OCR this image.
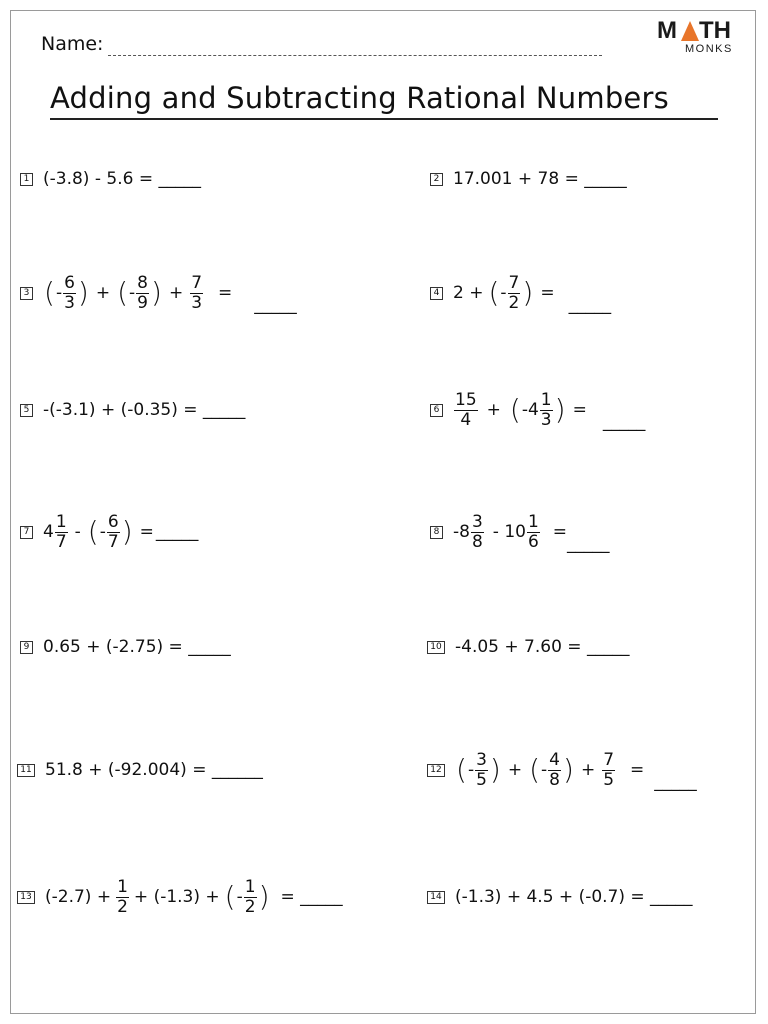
Name:	M TH
MONKS
Adding and Subtracting Rational Numbers
1 (-3.8) - 5.6 = _____	2 17.001 + 78 = _____
3 ( - $\frac{6}{3}$ ) + ( - $\frac{8}{9}$ ) + $\frac{7}{3}$ =
_____
4 2 + ( - $\frac{7}{2}$ ) =
_____
5 -(-3.1) + (-0.35) = _____	$6 \frac{15}{4}$ + ( - $4 \frac{1}{3}$ ) =
_____
7 $4 \frac{1}{7}$ - ( - $\frac{6}{7}$ ) = _____	8 $-8 \frac{3}{8} - 10 \frac{1}{6}$ =
_____
9 0.65 + (-2.75) = _____	10 -4.05 + 7.60 = _____
11 51.8 + (-92.004) = ______	12 ( - $\frac{3}{5}$ ) + ( - $\frac{4}{8}$ ) + $\frac{7}{5}$ =
_____
13 $(-2.7) + \frac{1}{2} + (-1.3)$ + ( - $\frac{1}{2}$ ) = _____	14 (-1.3) + 4.5 + (-0.7) = _____
